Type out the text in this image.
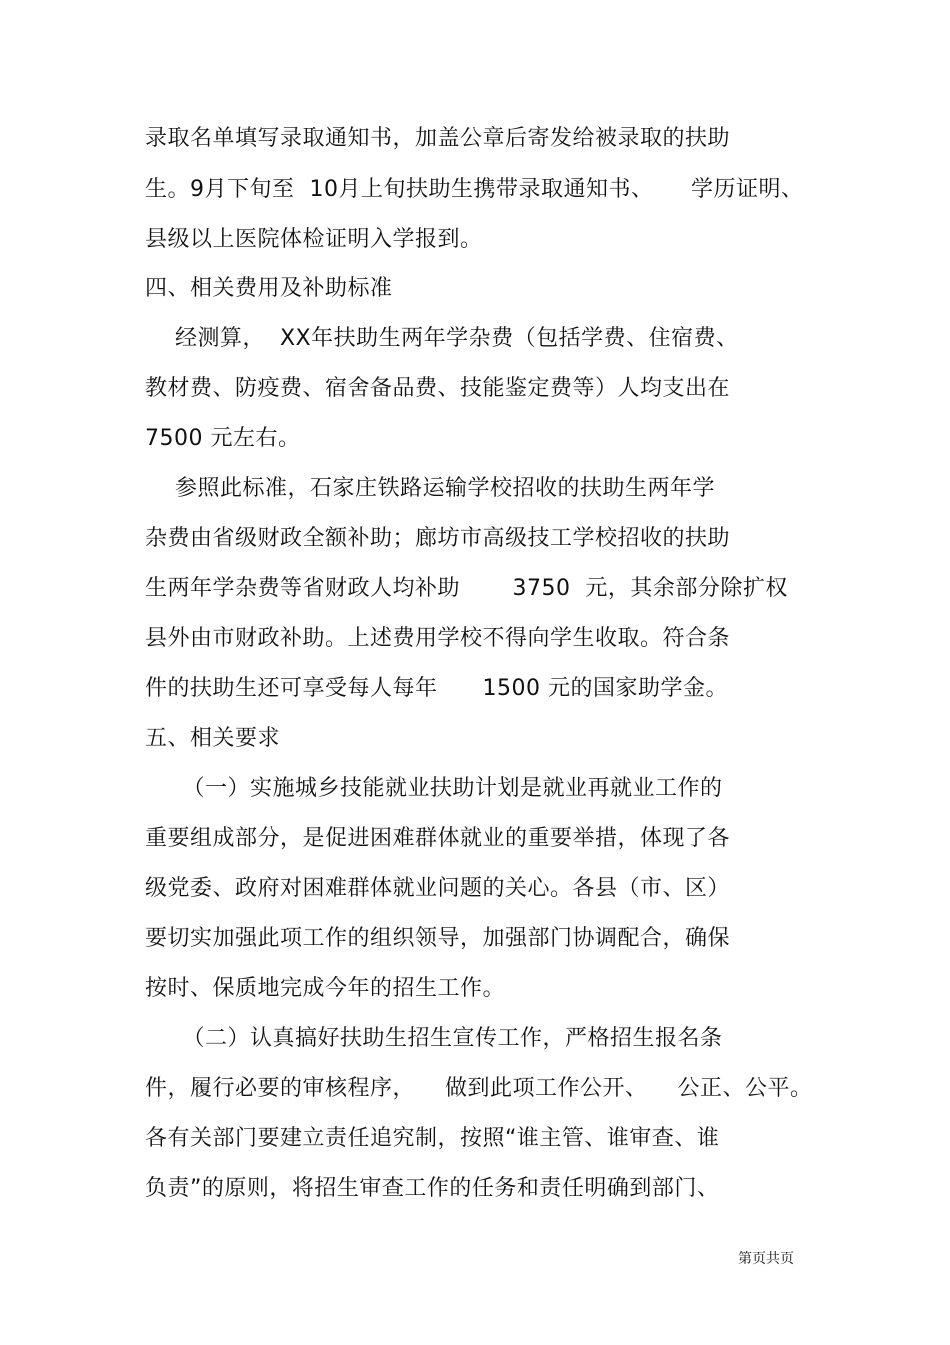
录取名单填写录取通知书，加盖公章后寄发给被录取的扶助
生。9月下旬至  10月上旬扶助生携带录取通知书、     学历证明、
县级以上医院体检证明入学报到。
四、相关费用及补助标准
经测算，  XX年扶助生两年学杂费（包括学费、住宿费、
教材费、防疫费、宿舍备品费、技能鉴定费等）人均支出在
7500 元左右。
参照此标准，石家庄铁路运输学校招收的扶助生两年学
杂费由省级财政全额补助；廊坊市高级技工学校招收的扶助
生两年学杂费等省财政人均补助       3750  元，其余部分除扩权
县外由市财政补助。上述费用学校不得向学生收取。符合条
件的扶助生还可享受每人每年      1500 元的国家助学金。
五、相关要求
（一）实施城乡技能就业扶助计划是就业再就业工作的
重要组成部分，是促进困难群体就业的重要举措，体现了各
级党委、政府对困难群体就业问题的关心。各县（市、区）
要切实加强此项工作的组织领导，加强部门协调配合，确保
按时、保质地完成今年的招生工作。
（二）认真搞好扶助生招生宣传工作，严格招生报名条
件，履行必要的审核程序，    做到此项工作公开、    公正、公平。
各有关部门要建立责任追究制，按照“谁主管、谁审查、谁
负责”的原则，将招生审查工作的任务和责任明确到部门、
第页共页
